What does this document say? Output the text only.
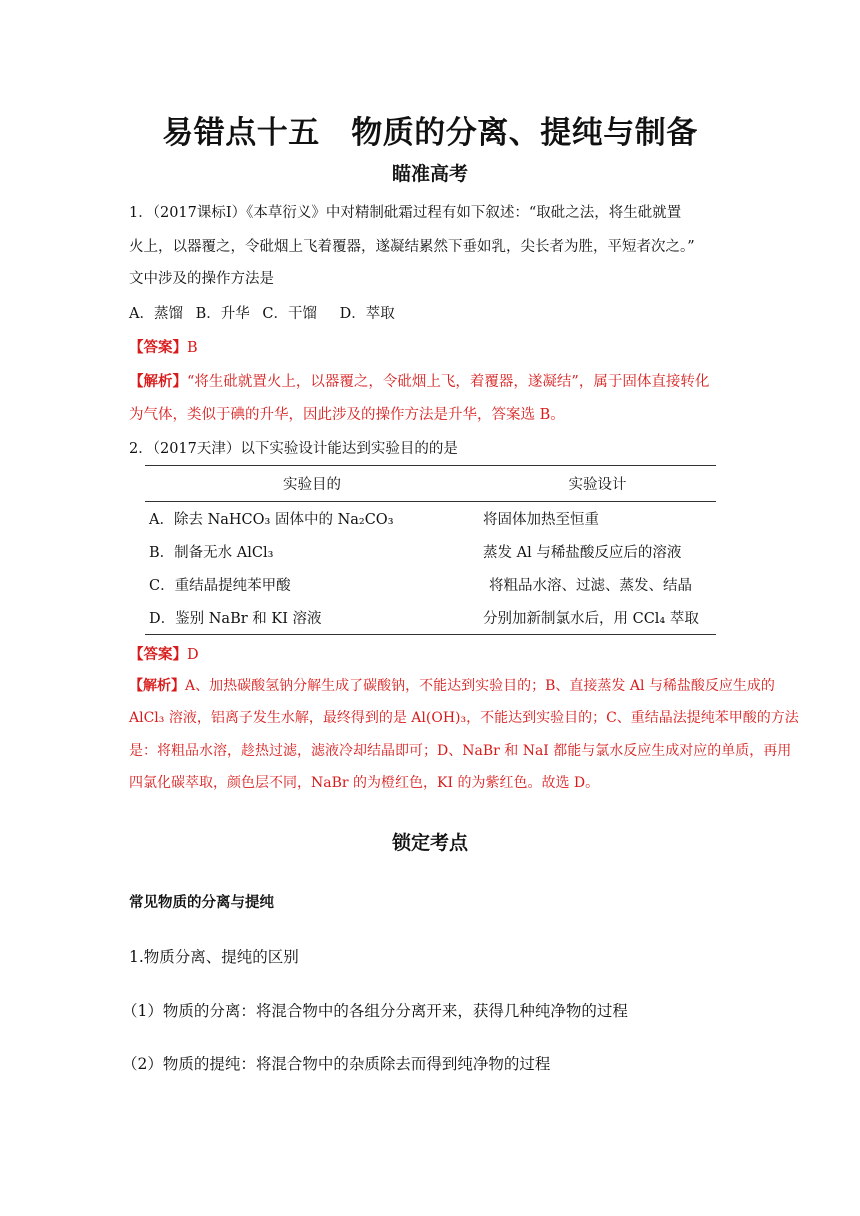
易错点十五　物质的分离、提纯与制备
瞄准高考
1．（2017课标Ⅰ）《本草衍义》中对精制砒霜过程有如下叙述：“取砒之法，将生砒就置
火上，以器覆之，令砒烟上飞着覆器，遂凝结累然下垂如乳，尖长者为胜，平短者次之。”
文中涉及的操作方法是
A．蒸馏 B．升华 C．干馏 D．萃取
【答案】B
【解析】“将生砒就置火上，以器覆之，令砒烟上飞，着覆器，遂凝结”，属于固体直接转化
为气体，类似于碘的升华，因此涉及的操作方法是升华，答案选 B。
2．（2017天津）以下实验设计能达到实验目的的是
实验目的	实验设计
A．除去 NaHCO₃ 固体中的 Na₂CO₃	将固体加热至恒重
B．制备无水 AlCl₃	蒸发 Al 与稀盐酸反应后的溶液
C．重结晶提纯苯甲酸	将粗品水溶、过滤、蒸发、结晶
D．鉴别 NaBr 和 KI 溶液	分别加新制氯水后，用 CCl₄ 萃取
【答案】D
【解析】A、加热碳酸氢钠分解生成了碳酸钠，不能达到实验目的；B、直接蒸发 Al 与稀盐酸反应生成的
AlCl₃ 溶液，铝离子发生水解，最终得到的是 Al(OH)₃，不能达到实验目的；C、重结晶法提纯苯甲酸的方法
是：将粗品水溶，趁热过滤，滤液冷却结晶即可；D、NaBr 和 NaI 都能与氯水反应生成对应的单质，再用
四氯化碳萃取，颜色层不同，NaBr 的为橙红色，KI 的为紫红色。故选 D。
锁定考点
常见物质的分离与提纯
1.物质分离、提纯的区别
（1）物质的分离：将混合物中的各组分分离开来，获得几种纯净物的过程
（2）物质的提纯：将混合物中的杂质除去而得到纯净物的过程
